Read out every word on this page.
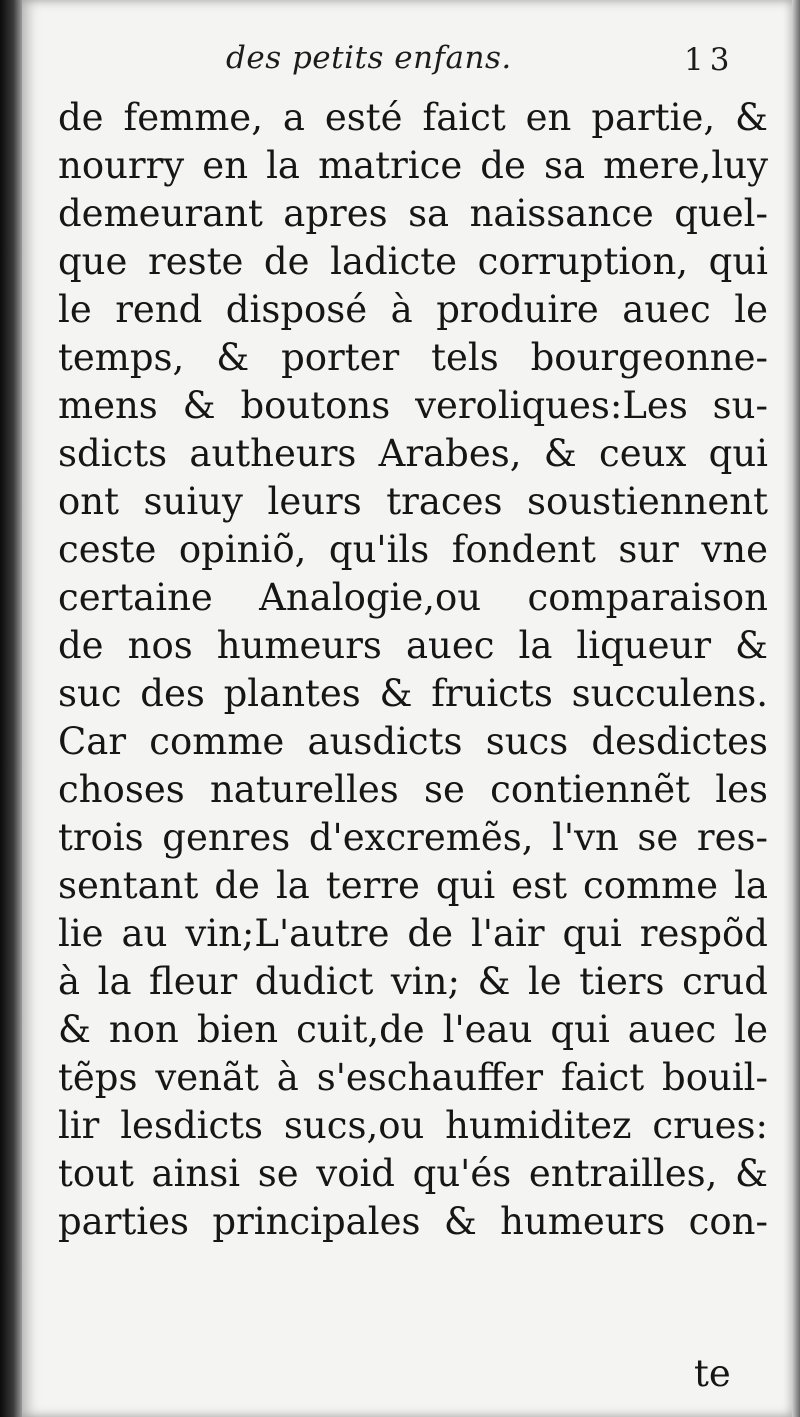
des petits enfans.	13
de femme, a esté faict en partie, &
nourry en la matrice de sa mere,luy
demeurant apres sa naissance quel-
que reste de ladicte corruption, qui
le rend disposé à produire auec le
temps, & porter tels bourgeonne-
mens & boutons veroliques:Les su-
sdicts autheurs Arabes, & ceux qui
ont suiuy leurs traces soustiennent
ceste opiniõ, qu'ils fondent sur vne
certaine Analogie,ou comparaison
de nos humeurs auec la liqueur &
suc des plantes & fruicts succulens.
Car comme ausdicts sucs desdictes
choses naturelles se contiennẽt les
trois genres d'excremẽs, l'vn se res-
sentant de la terre qui est comme la
lie au vin;L'autre de l'air qui respõd
à la fleur dudict vin; & le tiers crud
& non bien cuit,de l'eau qui auec le
tẽps venãt à s'eschauffer faict bouil-
lir lesdicts sucs,ou humiditez crues:
tout ainsi se void qu'és entrailles, &
parties principales & humeurs con-
te
